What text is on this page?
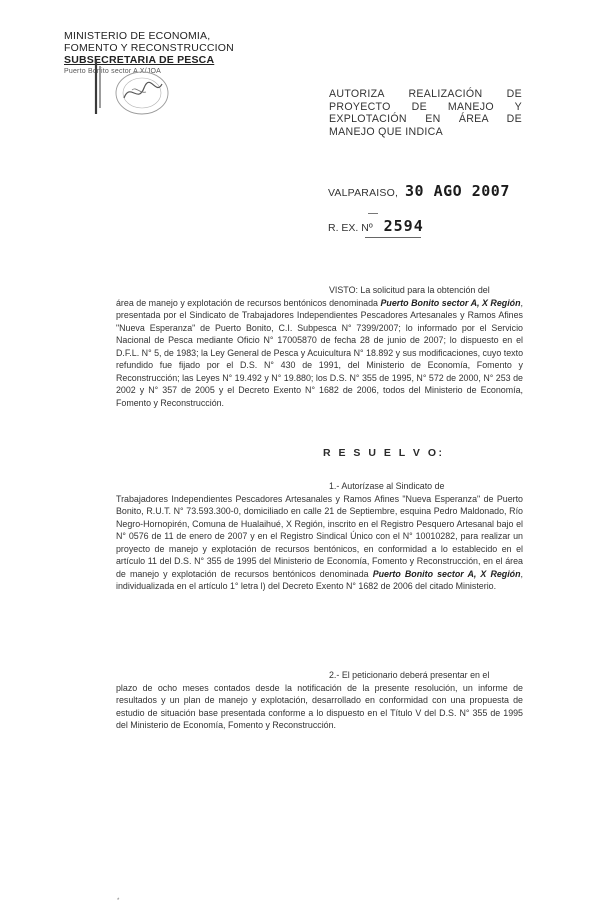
MINISTERIO DE ECONOMIA,
FOMENTO Y RECONSTRUCCION
SUBSECRETARIA DE PESCA
Puerto Bonito sector A X/JOA
AUTORIZA REALIZACIÓN DE PROYECTO DE MANEJO Y EXPLOTACIÓN EN ÁREA DE MANEJO QUE INDICA
VALPARAISO, 30 AGO 2007
R. EX. Nº 2594
VISTO: La solicitud para la obtención del
área de manejo y explotación de recursos bentónicos denominada Puerto Bonito sector A, X Región, presentada por el Sindicato de Trabajadores Independientes Pescadores Artesanales y Ramos Afines "Nueva Esperanza" de Puerto Bonito, C.I. Subpesca N° 7399/2007; lo informado por el Servicio Nacional de Pesca mediante Oficio N° 17005870 de fecha 28 de junio de 2007; lo dispuesto en el D.F.L. N° 5, de 1983; la Ley General de Pesca y Acuicultura N° 18.892 y sus modificaciones, cuyo texto refundido fue fijado por el D.S. N° 430 de 1991, del Ministerio de Economía, Fomento y Reconstrucción; las Leyes N° 19.492 y N° 19.880; los D.S. N° 355 de 1995, N° 572 de 2000, N° 253 de 2002 y N° 357 de 2005 y el Decreto Exento N° 1682 de 2006, todos del Ministerio de Economía, Fomento y Reconstrucción.
R E S U E L V O:
1.- Autorízase al Sindicato de
Trabajadores Independientes Pescadores Artesanales y Ramos Afines "Nueva Esperanza" de Puerto Bonito, R.U.T. N° 73.593.300-0, domiciliado en calle 21 de Septiembre, esquina Pedro Maldonado, Río Negro-Hornopirén, Comuna de Hualaihué, X Región, inscrito en el Registro Pesquero Artesanal bajo el N° 0576 de 11 de enero de 2007 y en el Registro Sindical Único con el N° 10010282, para realizar un proyecto de manejo y explotación de recursos bentónicos, en conformidad a lo establecido en el artículo 11 del D.S. N° 355 de 1995 del Ministerio de Economía, Fomento y Reconstrucción, en el área de manejo y explotación de recursos bentónicos denominada Puerto Bonito sector A, X Región, individualizada en el artículo 1° letra l) del Decreto Exento N° 1682 de 2006 del citado Ministerio.
2.- El peticionario deberá presentar en el
plazo de ocho meses contados desde la notificación de la presente resolución, un informe de resultados y un plan de manejo y explotación, desarrollado en conformidad con una propuesta de estudio de situación base presentada conforme a lo dispuesto en el Título V del D.S. N° 355 de 1995 del Ministerio de Economía, Fomento y Reconstrucción.
*
